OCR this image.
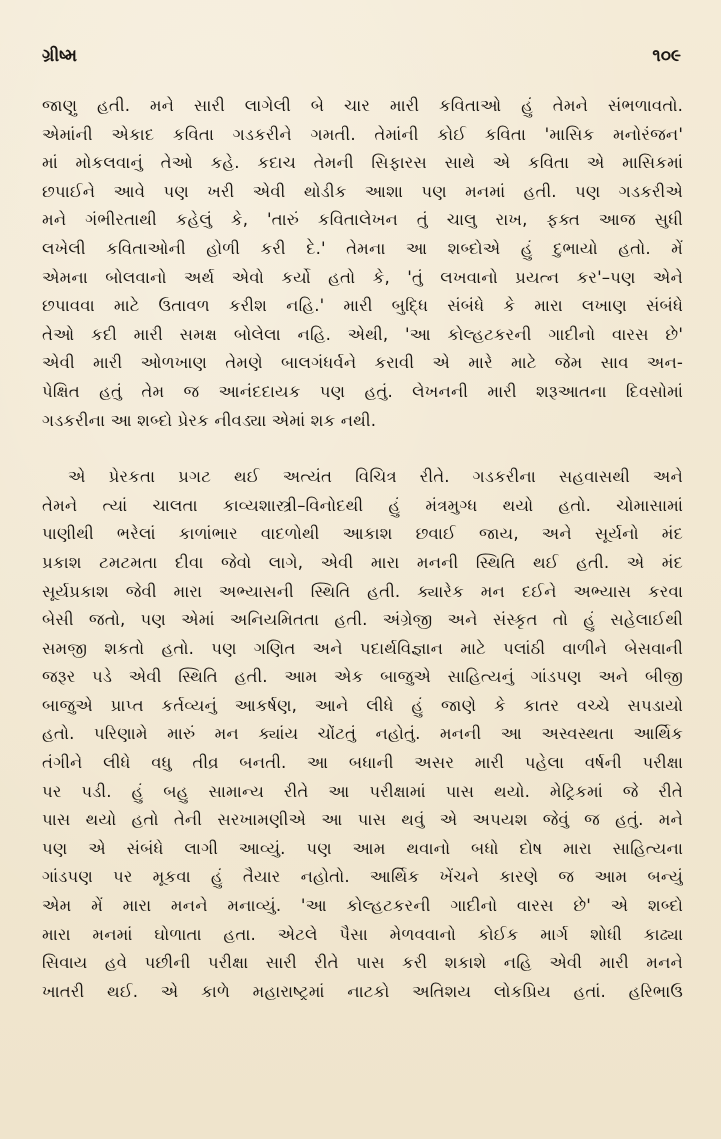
ગ્રીષ્મ	૧૦૯
જાણુ હતી. મને સારી લાગેલી બે ચાર મારી કવિતાઓ હું તેમને સંભળાવતો.
એમાંની એકાદ કવિતા ગડકરીને ગમતી. તેમાંની કોઈ કવિતા 'માસિક મનોરંજન'
માં મોકલવાનું તેઓ કહે. કદાચ તેમની સિફારસ સાથે એ કવિતા એ માસિકમાં
છપાઈને આવે પણ ખરી એવી થોડીક આશા પણ મનમાં હતી. પણ ગડકરીએ
મને ગંભીરતાથી કહેલું કે, 'તારું કવિતાલેખન તું ચાલુ રાખ, ફક્ત આજ સુધી
લખેલી કવિતાઓની હોળી કરી દે.' તેમના આ શબ્દોએ હું દુભાયો હતો. મેં
એમના બોલવાનો અર્થ એવો કર્યો હતો કે, 'તું લખવાનો પ્રયત્ન કર'–પણ એને
છપાવવા માટે ઉતાવળ કરીશ નહિ.' મારી બુદ્ધિ સંબંધે કે મારા લખાણ સંબંધે
તેઓ કદી મારી સમક્ષ બોલેલા નહિ. એથી, 'આ કોલ્હટકરની ગાદીનો વારસ છે'
એવી મારી ઓળખાણ તેમણે બાલગંધર્વને કરાવી એ મારે માટે જેમ સાવ અન-
પેક્ષિત હતું તેમ જ આનંદદાયક પણ હતું. લેખનની મારી શરૂઆતના દિવસોમાં
ગડકરીના આ શબ્દો પ્રેરક નીવડ્યા એમાં શક નથી.
એ પ્રેરકતા પ્રગટ થઈ અત્યંત વિચિત્ર રીતે. ગડકરીના સહવાસથી અને
તેમને ત્યાં ચાલતા કાવ્યશાસ્ત્રી–વિનોદથી હું મંત્રમુગ્ધ થયો હતો. ચોમાસામાં
પાણીથી ભરેલાં કાળાંભાર વાદળોથી આકાશ છવાઈ જાય, અને સૂર્યનો મંદ
પ્રકાશ ટમટમતા દીવા જેવો લાગે, એવી મારા મનની સ્થિતિ થઈ હતી. એ મંદ
સૂર્યપ્રકાશ જેવી મારા અભ્યાસની સ્થિતિ હતી. ક્યારેક મન દઈને અભ્યાસ કરવા
બેસી જતો, પણ એમાં અનિયમિતતા હતી. અંગ્રેજી અને સંસ્કૃત તો હું સહેલાઈથી
સમજી શકતો હતો. પણ ગણિત અને પદાર્થવિજ્ઞાન માટે પલાંઠી વાળીને બેસવાની
જરૂર પડે એવી સ્થિતિ હતી. આમ એક બાજુએ સાહિત્યનું ગાંડપણ અને બીજી
બાજુએ પ્રાપ્ત કર્તવ્યનું આકર્ષણ, આને લીધે હું જાણે કે કાતર વચ્ચે સપડાયો
હતો. પરિણામે મારું મન ક્યાંય ચોંટતું નહોતું. મનની આ અસ્વસ્થતા આર્થિક
તંગીને લીધે વધુ તીવ્ર બનતી. આ બધાની અસર મારી પહેલા વર્ષની પરીક્ષા
પર પડી. હું બહુ સામાન્ય રીતે આ પરીક્ષામાં પાસ થયો. મેટ્રિકમાં જે રીતે
પાસ થયો હતો તેની સરખામણીએ આ પાસ થવું એ અપયશ જેવું જ હતું. મને
પણ એ સંબંધે લાગી આવ્યું. પણ આમ થવાનો બધો દોષ મારા સાહિત્યના
ગાંડપણ પર મૂકવા હું તૈયાર નહોતો. આર્થિક ખેંચને કારણે જ આમ બન્યું
એમ મેં મારા મનને મનાવ્યું. 'આ કોલ્હટકરની ગાદીનો વારસ છે' એ શબ્દો
મારા મનમાં ઘોળાતા હતા. એટલે પૈસા મેળવવાનો કોઈક માર્ગ શોધી કાઢ્યા
સિવાય હવે પછીની પરીક્ષા સારી રીતે પાસ કરી શકાશે નહિ એવી મારી મનને
ખાતરી થઈ. એ કાળે મહારાષ્ટ્રમાં નાટકો અતિશય લોકપ્રિય હતાં. હરિભાઉ
